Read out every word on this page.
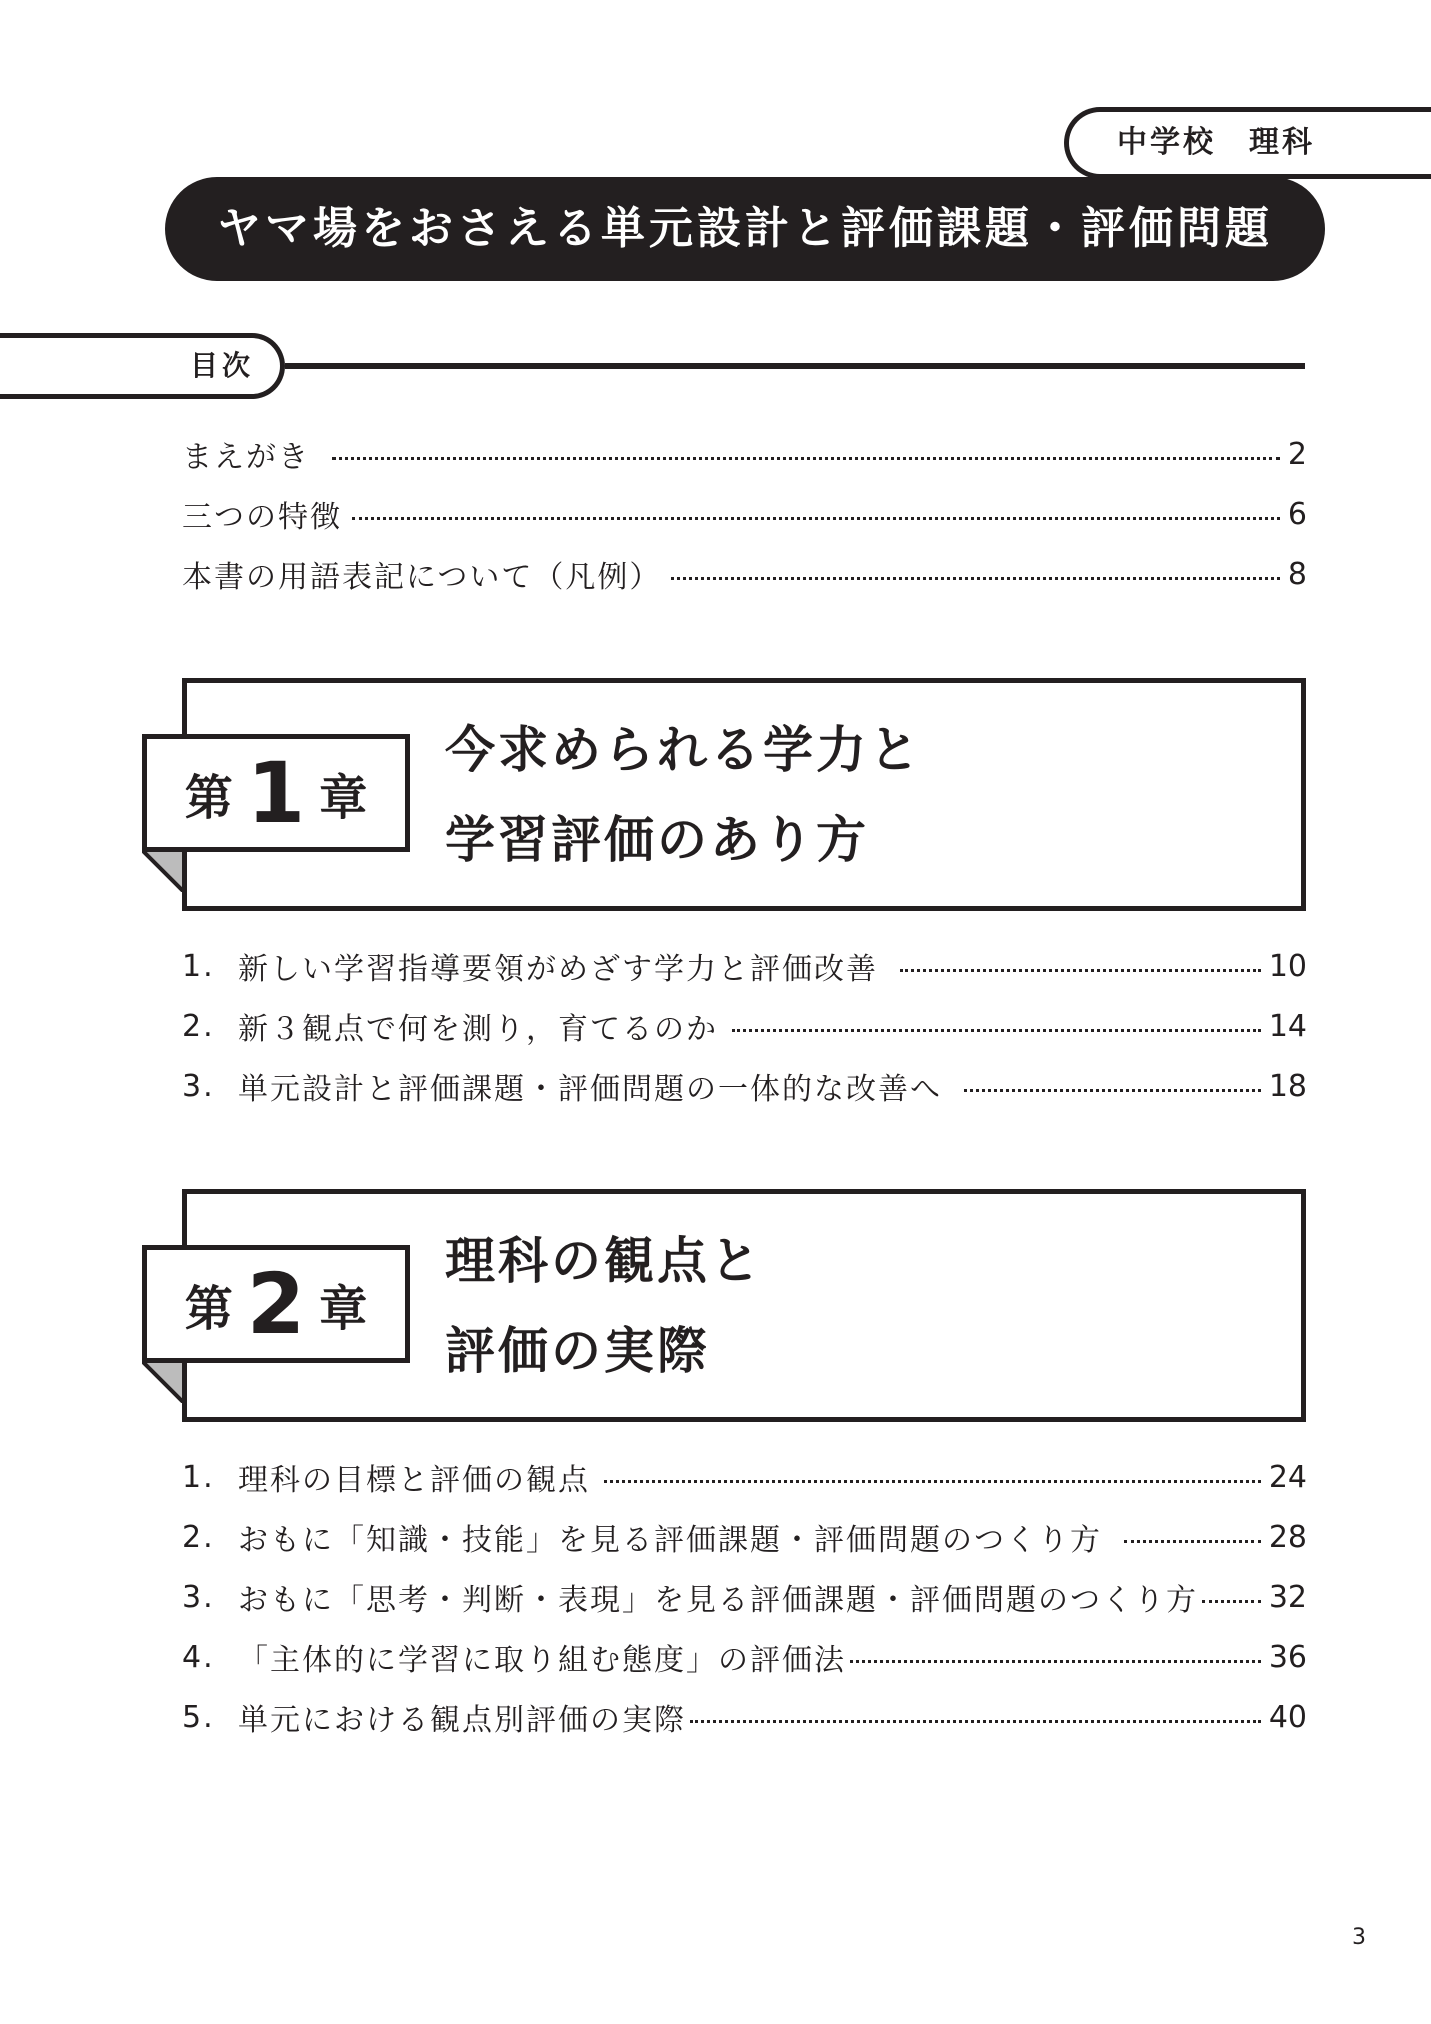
中学校　理科
ヤマ場をおさえる単元設計と評価課題・評価問題
目次
まえがき	2
三つの特徴	6
本書の用語表記について（凡例）	8
第 1 章
今求められる学力と
学習評価のあり方
1. 新しい学習指導要領がめざす学力と評価改善	10
2. 新３観点で何を測り，育てるのか	14
3. 単元設計と評価課題・評価問題の一体的な改善へ	18
第 2 章
理科の観点と
評価の実際
1. 理科の目標と評価の観点	24
2. おもに「知識・技能」を見る評価課題・評価問題のつくり方	28
3. おもに「思考・判断・表現」を見る評価課題・評価問題のつくり方 32
4. 「主体的に学習に取り組む態度」の評価法	36
5. 単元における観点別評価の実際	40
3
